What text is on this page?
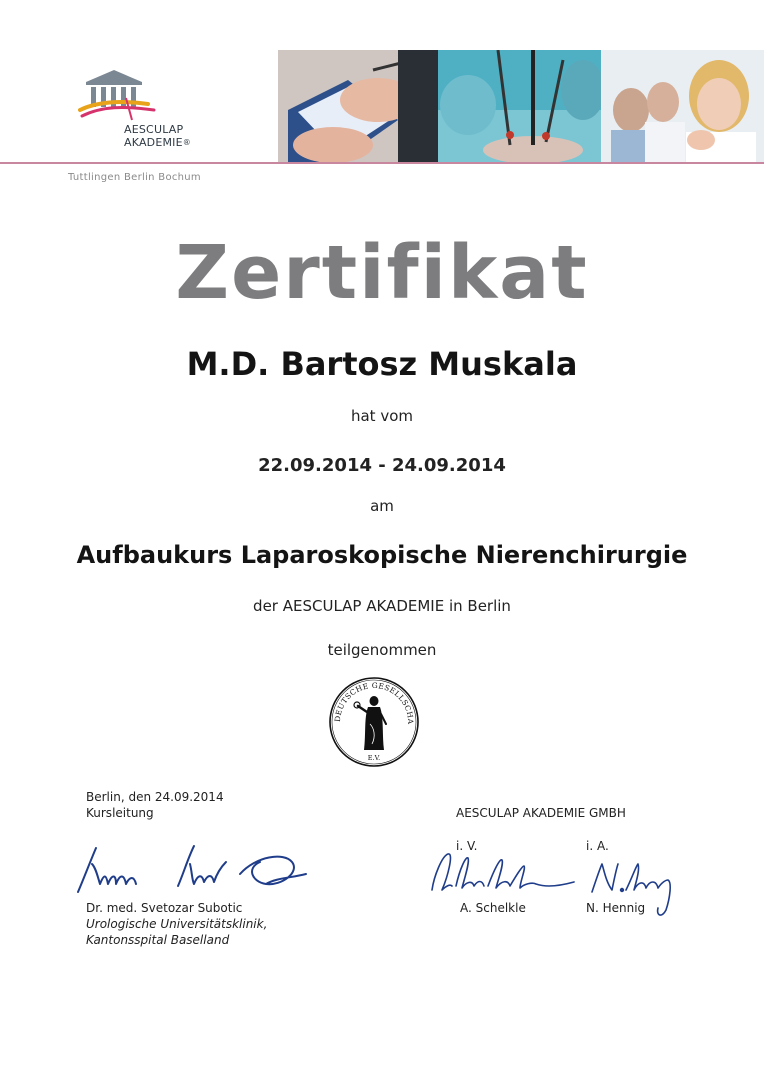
AESCULAP
AKADEMIE®
Tuttlingen Berlin Bochum
Zertifikat
M.D. Bartosz Muskala
hat vom
22.09.2014 - 24.09.2014
am
Aufbaukurs Laparoskopische Nierenchirurgie
der AESCULAP AKADEMIE in Berlin
teilgenommen
DEUTSCHE GESELLSCHA
E.V.
Berlin, den 24.09.2014
Kursleitung
Dr. med. Svetozar Subotic
Urologische Universitätsklinik,
Kantonsspital Baselland
AESCULAP AKADEMIE GMBH
i. V.	i. A.
A. Schelkle	N. Hennig
